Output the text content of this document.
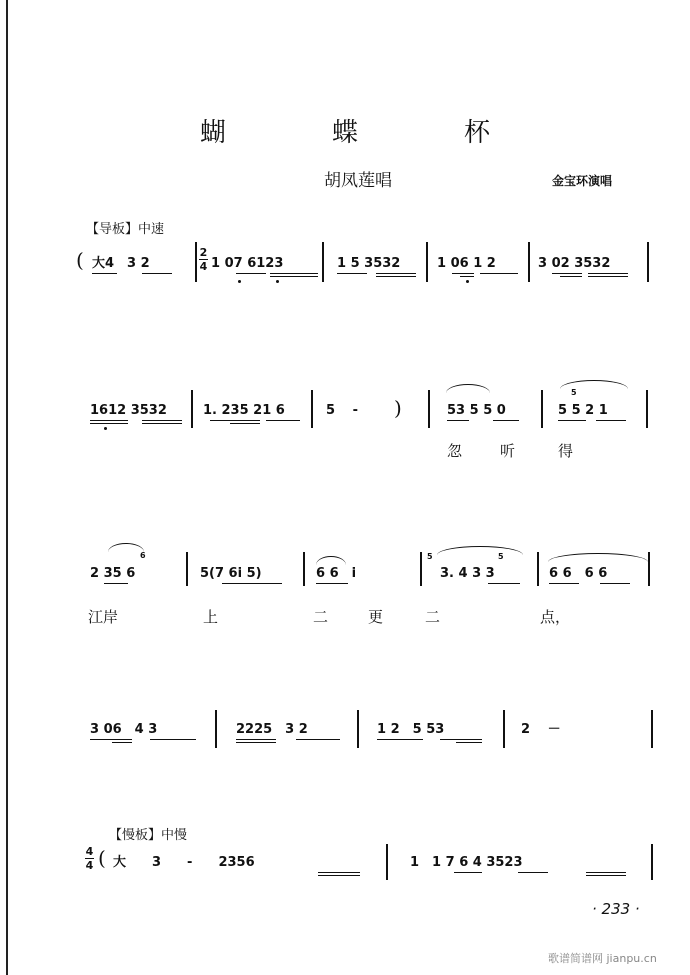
蝴　蝶　杯
胡凤莲唱	金宝环演唱
【导板】中速
( 大4　3 2
2
4 1 07 6123	1 5 3532	1 06 1 2	3 02 3532
1612 3532	1. 235 21 6	5　 - )	53 5 5 0
5
5 5 2 1
忽	听	得
6
2 35 6	5(7 6i 5)	6 6　i
5
3. 4 3 3
5
6 6　6 6
江岸	上	二	更	二	点，
3 06　4 3	2225　3 2	1 2　5 53	2　 －
【慢板】中慢
4
4 ( 大　　3　　-　　2356	1　1 7 6 4 3523
· 233 ·
歌谱简谱网 jianpu.cn
